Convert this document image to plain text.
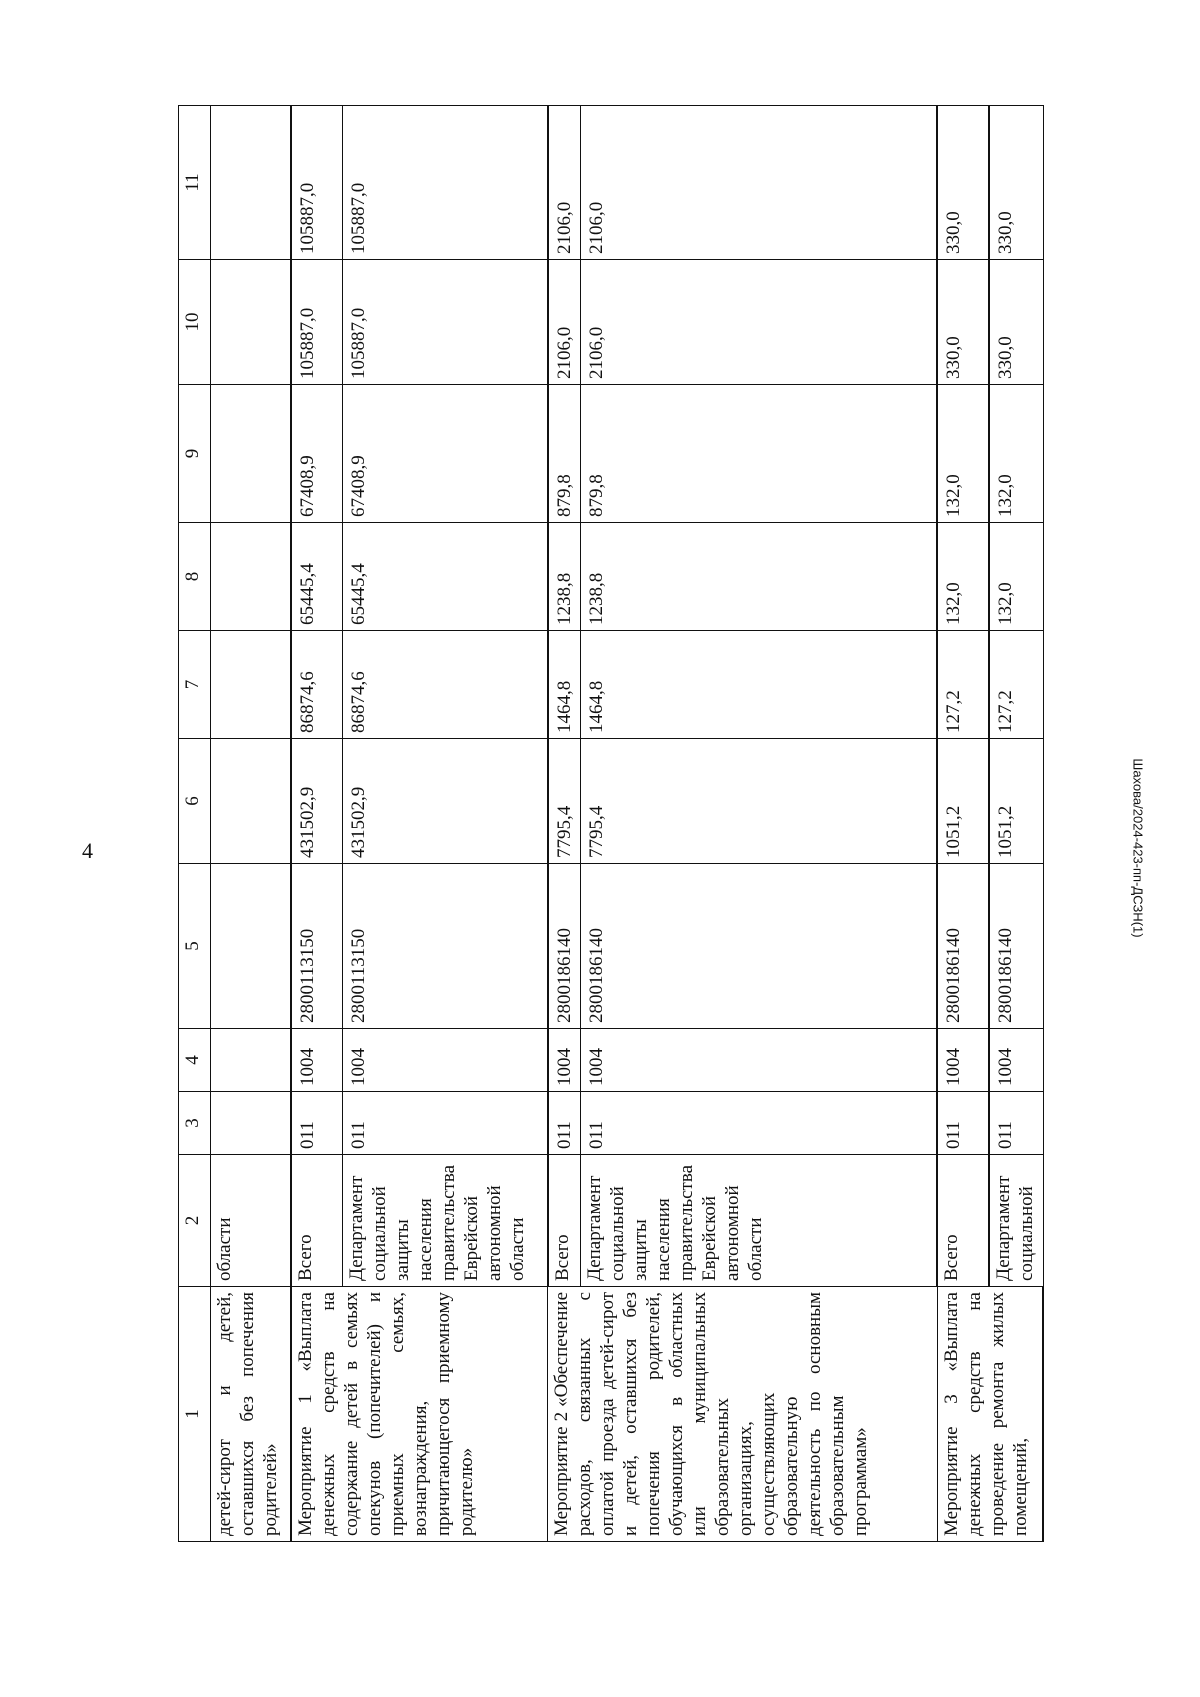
4	Шахова/2024-423-пп-ДСЗН(1)
1	2	3	4	5	6	7	8	9	10	11
детей-сирот и детей, оставшихся без попечения родителей»	области									
Мероприятие 1 «Выплата денежных средств на содержание детей в семьях опекунов (попечителей) и приемных семьях, вознаграждения, причитающегося приемному родителю»	Всего	011	1004	2800113150	431502,9	86874,6	65445,4	67408,9	105887,0	105887,0
	Департамент социальной защиты населения правительства Еврейской автономной области	011	1004	2800113150	431502,9	86874,6	65445,4	67408,9	105887,0	105887,0
Мероприятие 2 «Обеспечение расходов, связанных с оплатой проезда детей-сирот и детей, оставшихся без попечения родителей, обучающихся в областных или муниципальных образовательных организациях, осуществляющих образовательную деятельность по основным образовательным программам»	Всего	011	1004	2800186140	7795,4	1464,8	1238,8	879,8	2106,0	2106,0
	Департамент социальной защиты населения правительства Еврейской автономной области	011	1004	2800186140	7795,4	1464,8	1238,8	879,8	2106,0	2106,0
Мероприятие 3 «Выплата денежных средств на проведение ремонта жилых помещений,	Всего	011	1004	2800186140	1051,2	127,2	132,0	132,0	330,0	330,0
	Департамент социальной	011	1004	2800186140	1051,2	127,2	132,0	132,0	330,0	330,0
